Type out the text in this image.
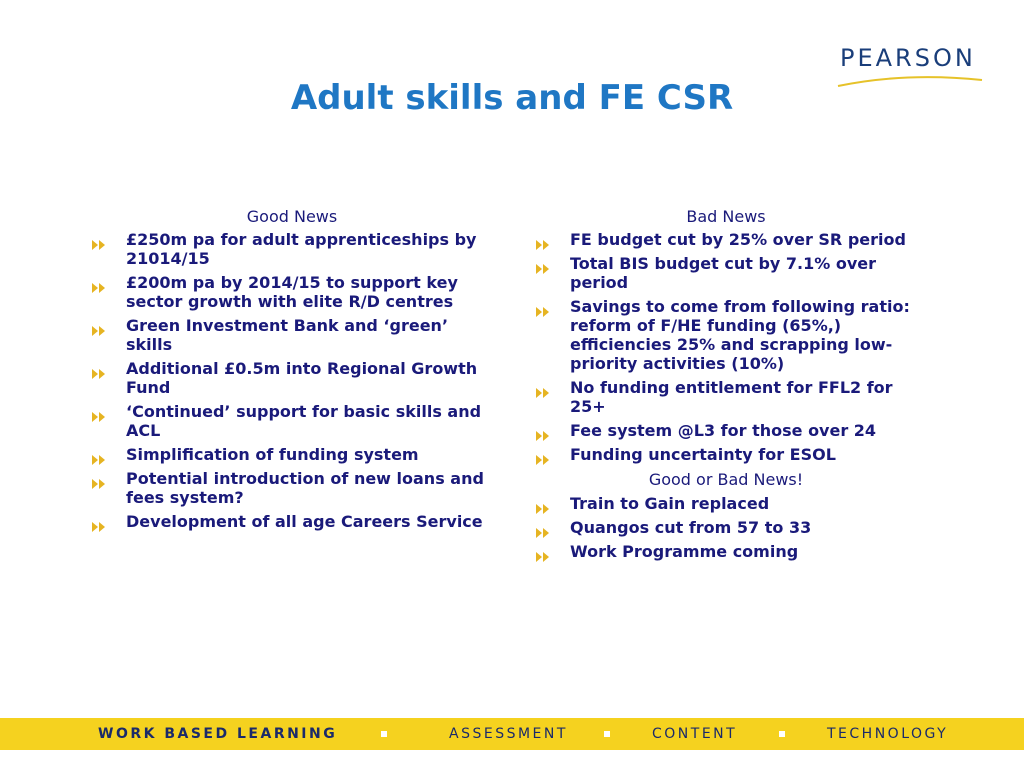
PEARSON
Adult skills and FE CSR
Good News
£250m pa for adult apprenticeships by 21014/15
£200m pa by 2014/15 to support key sector growth with elite R/D centres
Green Investment Bank and ‘green’ skills
Additional £0.5m into Regional Growth Fund
‘Continued’ support for basic skills and ACL
Simplification of funding system
Potential introduction of new loans and fees system?
Development of all age Careers Service
Bad News
FE budget cut by 25% over SR period
Total BIS budget cut by 7.1% over period
Savings to come from following ratio: reform of F/HE funding (65%,) efficiencies 25% and scrapping low-priority activities (10%)
No funding entitlement for FFL2 for 25+
Fee system @L3 for those over 24
Funding uncertainty for ESOL
Good or Bad News!
Train to Gain replaced
Quangos cut from 57 to 33
Work Programme coming
WORK BASED LEARNING	ASSESSMENT	CONTENT	TECHNOLOGY
